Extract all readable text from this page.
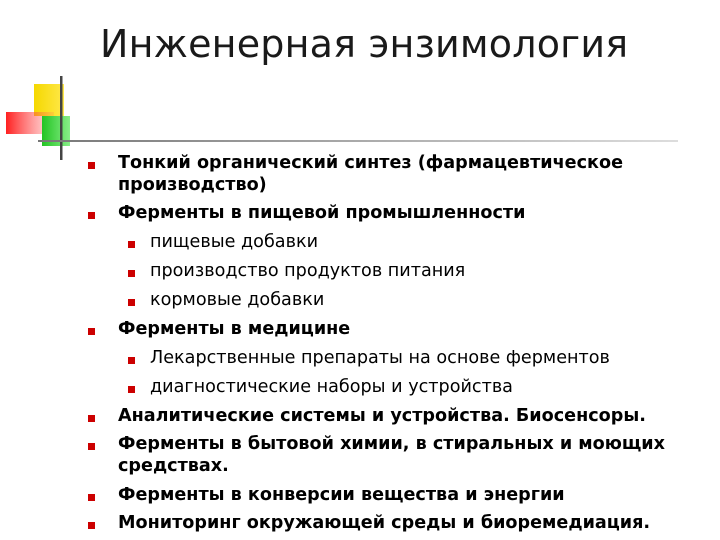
Инженерная энзимология
Тонкий органический синтез (фармацевтическое
производство)
Ферменты в пищевой промышленности
пищевые добавки
производство продуктов питания
кормовые добавки
Ферменты в медицине
Лекарственные препараты на основе ферментов
диагностические наборы и устройства
Аналитические системы и устройства. Биосенсоры.
Ферменты в бытовой химии, в стиральных и моющих
средствах.
Ферменты в конверсии вещества и энергии
Мониторинг окружающей среды и биоремедиация.
